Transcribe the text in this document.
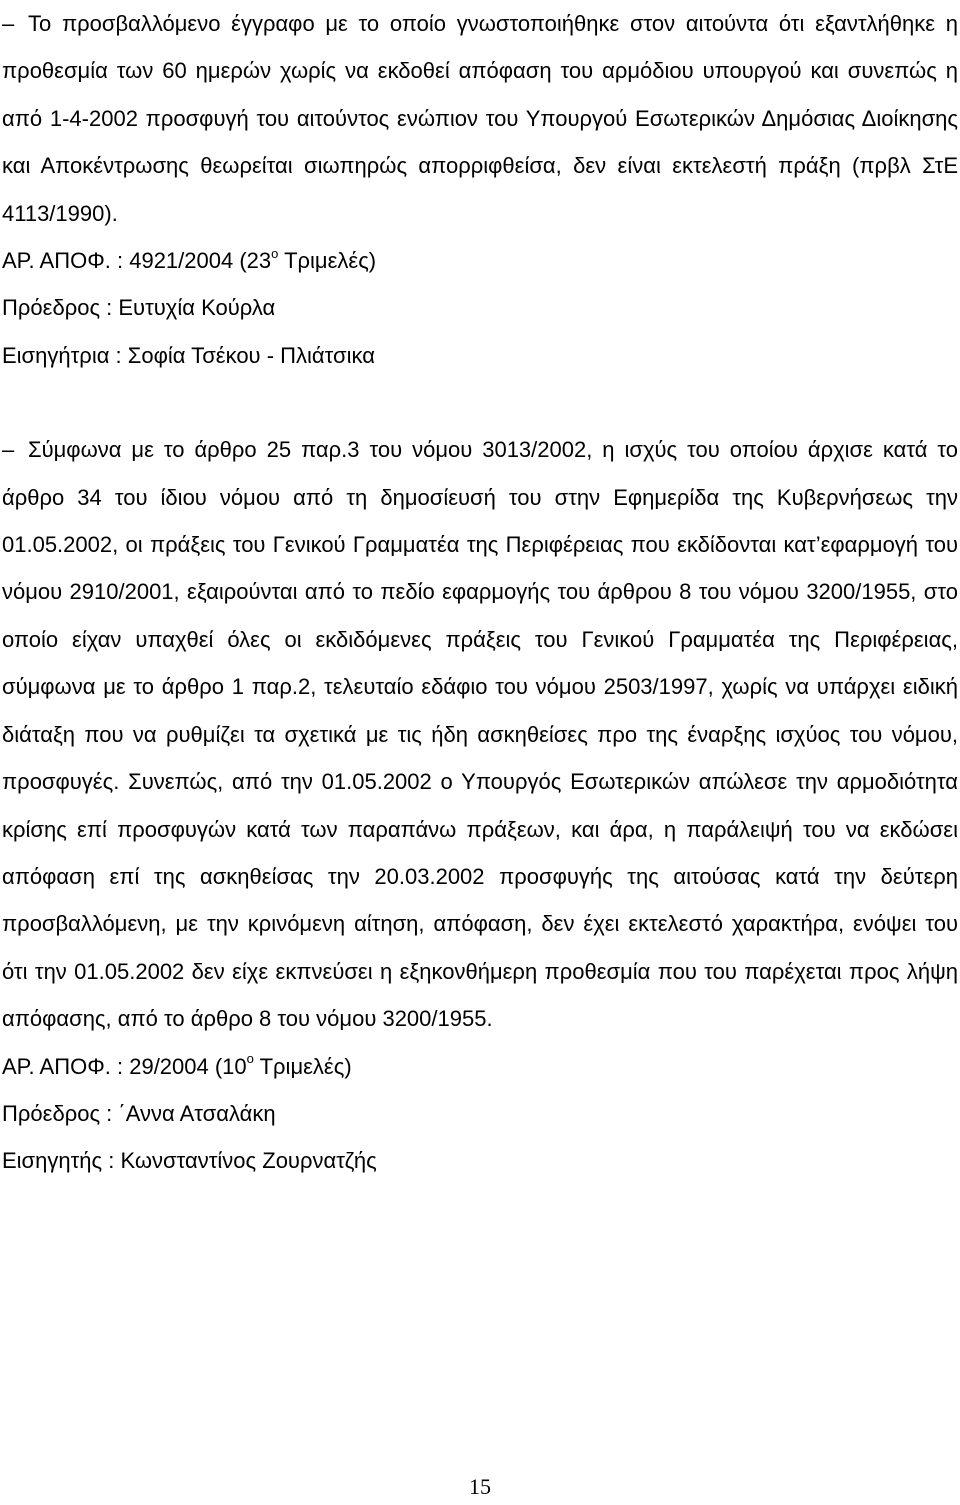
– Το προσβαλλόμενο έγγραφο με το οποίο γνωστοποιήθηκε στον αιτούντα ότι εξαντλήθηκε η προθεσμία των 60 ημερών χωρίς να εκδοθεί απόφαση του αρμόδιου υπουργού και συνεπώς η από 1-4-2002 προσφυγή του αιτούντος ενώπιον του Υπουργού Εσωτερικών Δημόσιας Διοίκησης και Αποκέντρωσης θεωρείται σιωπηρώς απορριφθείσα, δεν είναι εκτελεστή πράξη (πρβλ ΣτΕ 4113/1990).

ΑΡ. ΑΠΟΦ. : 4921/2004 ($23^o$ Τριμελές)

Πρόεδρος : Ευτυχία Κούρλα

Εισηγήτρια : Σοφία Τσέκου - Πλιάτσικα

– Σύμφωνα με το άρθρο 25 παρ.3 του νόμου 3013/2002, η ισχύς του οποίου άρχισε κατά το άρθρο 34 του ίδιου νόμου από τη δημοσίευσή του στην Εφημερίδα της Κυβερνήσεως την 01.05.2002, οι πράξεις του Γενικού Γραμματέα της Περιφέρειας που εκδίδονται κατ’εφαρμογή του νόμου 2910/2001, εξαιρούνται από το πεδίο εφαρμογής του άρθρου 8 του νόμου 3200/1955, στο οποίο είχαν υπαχθεί όλες οι εκδιδόμενες πράξεις του Γενικού Γραμματέα της Περιφέρειας, σύμφωνα με το άρθρο 1 παρ.2, τελευταίο εδάφιο του νόμου 2503/1997, χωρίς να υπάρχει ειδική διάταξη που να ρυθμίζει τα σχετικά με τις ήδη ασκηθείσες προ της έναρξης ισχύος του νόμου, προσφυγές. Συνεπώς, από την 01.05.2002 ο Υπουργός Εσωτερικών απώλεσε την αρμοδιότητα κρίσης επί προσφυγών κατά των παραπάνω πράξεων, και άρα, η παράλειψή του να εκδώσει απόφαση επί της ασκηθείσας την 20.03.2002 προσφυγής της αιτούσας κατά την δεύτερη προσβαλλόμενη, με την κρινόμενη αίτηση, απόφαση, δεν έχει εκτελεστό χαρακτήρα, ενόψει του ότι την 01.05.2002 δεν είχε εκπνεύσει η εξηκονθήμερη προθεσμία που του παρέχεται προς λήψη απόφασης, από το άρθρο 8 του νόμου 3200/1955.

ΑΡ. ΑΠΟΦ. : 29/2004 ($10^o$ Τριμελές)

Πρόεδρος : ΄Αννα Ατσαλάκη

Εισηγητής : Κωνσταντίνος Ζουρνατζής

15
